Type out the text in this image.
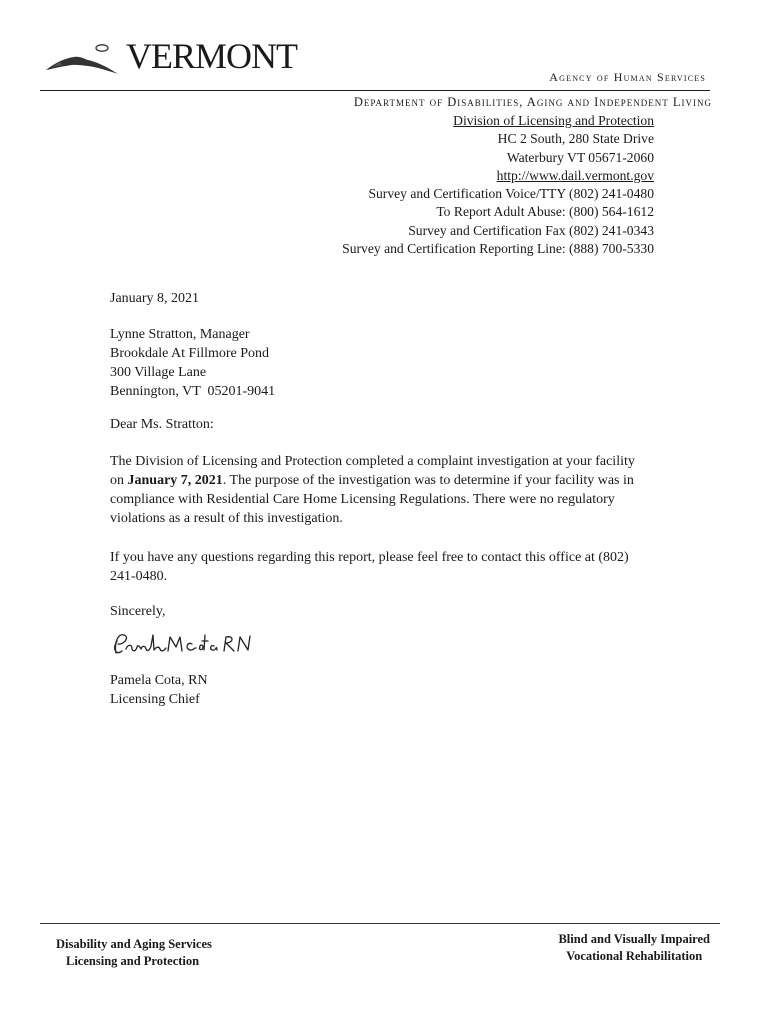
VERMONT
Agency of Human Services
Department of Disabilities, Aging and Independent Living
Division of Licensing and Protection
HC 2 South, 280 State Drive
Waterbury VT 05671-2060
http://www.dail.vermont.gov
Survey and Certification Voice/TTY (802) 241-0480
To Report Adult Abuse: (800) 564-1612
Survey and Certification Fax (802) 241-0343
Survey and Certification Reporting Line: (888) 700-5330

January 8, 2021

Lynne Stratton, Manager
Brookdale At Fillmore Pond
300 Village Lane
Bennington, VT  05201-9041

Dear Ms. Stratton:

The Division of Licensing and Protection completed a complaint investigation at your facility on January 7, 2021. The purpose of the investigation was to determine if your facility was in compliance with Residential Care Home Licensing Regulations. There were no regulatory violations as a result of this investigation.

If you have any questions regarding this report, please feel free to contact this office at (802) 241-0480.

Sincerely,

Pamela Cota, RN
Licensing Chief
Disability and Aging Services
Licensing and Protection
Blind and Visually Impaired
Vocational Rehabilitation
